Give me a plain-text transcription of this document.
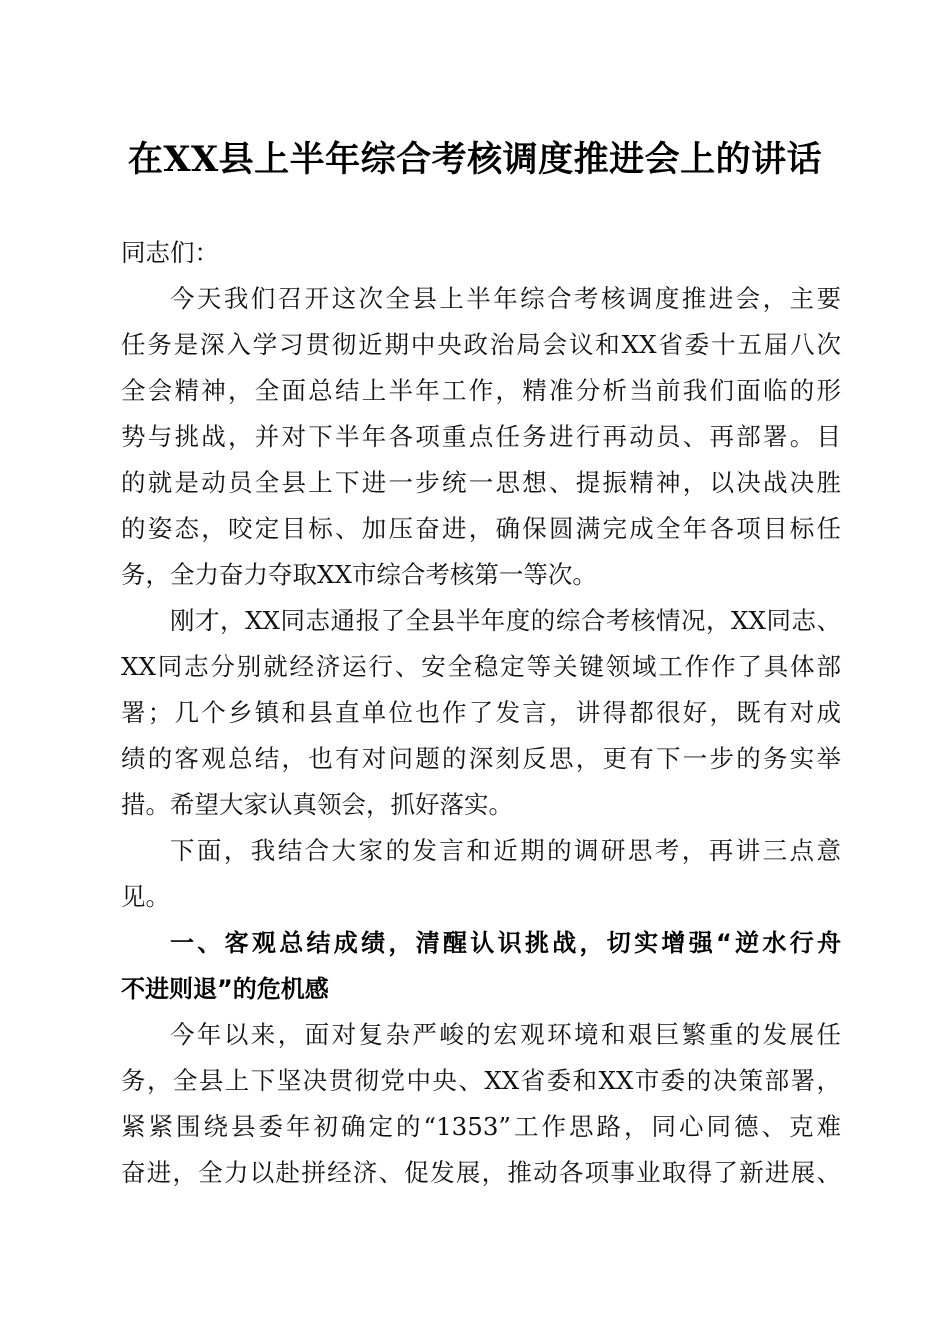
在XX县上半年综合考核调度推进会上的讲话
同志们：
今天我们召开这次全县上半年综合考核调度推进会，主要
任务是深入学习贯彻近期中央政治局会议和XX省委十五届八次
全会精神，全面总结上半年工作，精准分析当前我们面临的形
势与挑战，并对下半年各项重点任务进行再动员、再部署。目
的就是动员全县上下进一步统一思想、提振精神，以决战决胜
的姿态，咬定目标、加压奋进，确保圆满完成全年各项目标任
务，全力奋力夺取XX市综合考核第一等次。
刚才，XX同志通报了全县半年度的综合考核情况，XX同志、
XX同志分别就经济运行、安全稳定等关键领域工作作了具体部
署；几个乡镇和县直单位也作了发言，讲得都很好，既有对成
绩的客观总结，也有对问题的深刻反思，更有下一步的务实举
措。希望大家认真领会，抓好落实。
下面，我结合大家的发言和近期的调研思考，再讲三点意
见。
一、客观总结成绩，清醒认识挑战，切实增强“逆水行舟
不进则退”的危机感
今年以来，面对复杂严峻的宏观环境和艰巨繁重的发展任
务，全县上下坚决贯彻党中央、XX省委和XX市委的决策部署，
紧紧围绕县委年初确定的“1353”工作思路，同心同德、克难
奋进，全力以赴拼经济、促发展，推动各项事业取得了新进展、
